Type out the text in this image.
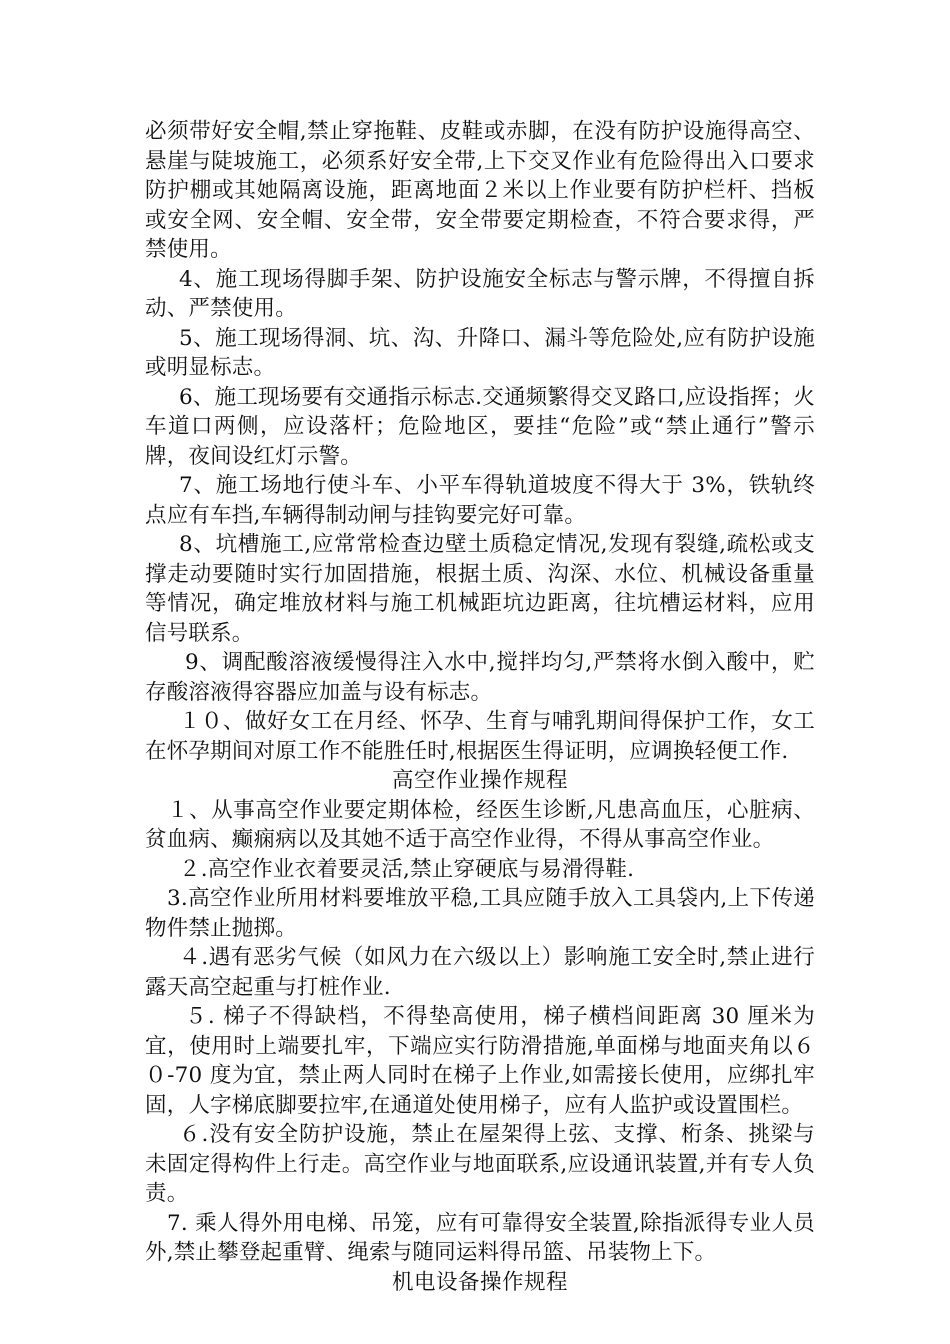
必须带好安全帽,禁止穿拖鞋、皮鞋或赤脚，在没有防护设施得高空、悬崖与陡坡施工，必须系好安全带,上下交叉作业有危险得出入口要求防护棚或其她隔离设施，距离地面２米以上作业要有防护栏杆、挡板或安全网、安全帽、安全带，安全带要定期检查，不符合要求得，严禁使用。

4、施工现场得脚手架、防护设施安全标志与警示牌，不得擅自拆动、严禁使用。

5、施工现场得洞、坑、沟、升降口、漏斗等危险处,应有防护设施或明显标志。

6、施工现场要有交通指示标志.交通频繁得交叉路口,应设指挥；火车道口两侧，应设落杆；危险地区，要挂“危险”或“禁止通行”警示牌，夜间设红灯示警。

7、施工场地行使斗车、小平车得轨道坡度不得大于 3%，铁轨终点应有车挡,车辆得制动闸与挂钩要完好可靠。

8、坑槽施工,应常常检查边壁土质稳定情况,发现有裂缝,疏松或支撑走动要随时实行加固措施，根据土质、沟深、水位、机械设备重量等情况，确定堆放材料与施工机械距坑边距离，往坑槽运材料，应用信号联系。

9、调配酸溶液缓慢得注入水中,搅拌均匀,严禁将水倒入酸中，贮存酸溶液得容器应加盖与设有标志。

１０、做好女工在月经、怀孕、生育与哺乳期间得保护工作，女工在怀孕期间对原工作不能胜任时,根据医生得证明，应调换轻便工作.

高空作业操作规程

１、从事高空作业要定期体检，经医生诊断,凡患高血压，心脏病、贫血病、癫痫病以及其她不适于高空作业得，不得从事高空作业。

２.高空作业衣着要灵活,禁止穿硬底与易滑得鞋.

3.高空作业所用材料要堆放平稳,工具应随手放入工具袋内,上下传递物件禁止抛掷。

４.遇有恶劣气候（如风力在六级以上）影响施工安全时,禁止进行露天高空起重与打桩作业.

５. 梯子不得缺档，不得垫高使用，梯子横档间距离 30 厘米为宜，使用时上端要扎牢，下端应实行防滑措施,单面梯与地面夹角以６０-70 度为宜，禁止两人同时在梯子上作业,如需接长使用，应绑扎牢固，人字梯底脚要拉牢,在通道处使用梯子，应有人监护或设置围栏。

６.没有安全防护设施，禁止在屋架得上弦、支撑、桁条、挑梁与未固定得构件上行走。高空作业与地面联系,应设通讯装置,并有专人负责。

7. 乘人得外用电梯、吊笼，应有可靠得安全装置,除指派得专业人员外,禁止攀登起重臂、绳索与随同运料得吊篮、吊装物上下。

机电设备操作规程
